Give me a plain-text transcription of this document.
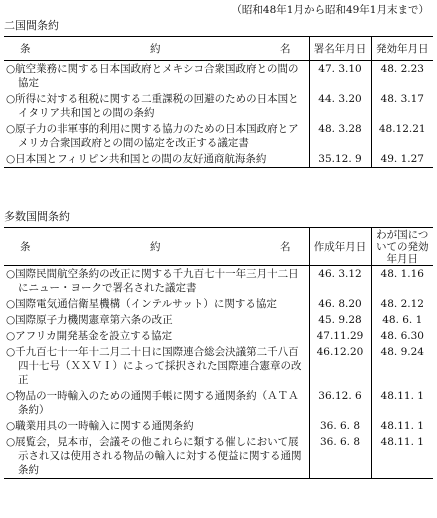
（昭和48年1月から昭和49年1月末まで）
二国間条約
条 約 名	署名年月日	発効年月日
○航空業務に関する日本国政府とメキシコ合衆国政府との間の協定	47. 3.10	48. 2.23
○所得に対する租税に関する二重課税の回避のための日本国とイタリア共和国との間の条約	44. 3.20	48. 3.17
○原子力の非軍事的利用に関する協力のための日本国政府とアメリカ合衆国政府との間の協定を改正する議定書	48. 3.28	48.12.21
○日本国とフィリピン共和国との間の友好通商航海条約	35.12. 9	49. 1.27
多数国間条約
条 約 名	作成年月日	わが国についての発効年月日
○国際民間航空条約の改正に関する千九百七十一年三月十二日にニュー・ヨークで署名された議定書	46. 3.12	48. 1.16
○国際電気通信衛星機構（インテルサット）に関する協定	46. 8.20	48. 2.12
○国際原子力機関憲章第六条の改正	45. 9.28	48. 6. 1
○アフリカ開発基金を設立する協定	47.11.29	48. 6.30
○千九百七十一年十二月二十日に国際連合総会決議第二千八百四十七号（ＸＸＶＩ）によって採択された国際連合憲章の改正	46.12.20	48. 9.24
○物品の一時輸入のための通関手帳に関する通関条約（ＡＴＡ条約）	36.12. 6	48.11. 1
○職業用具の一時輸入に関する通関条約	36. 6. 8	48.11. 1
○展覧会，見本市，会議その他これらに類する催しにおいて展示され又は使用される物品の輸入に対する便益に関する通関条約	36. 6. 8	48.11. 1
